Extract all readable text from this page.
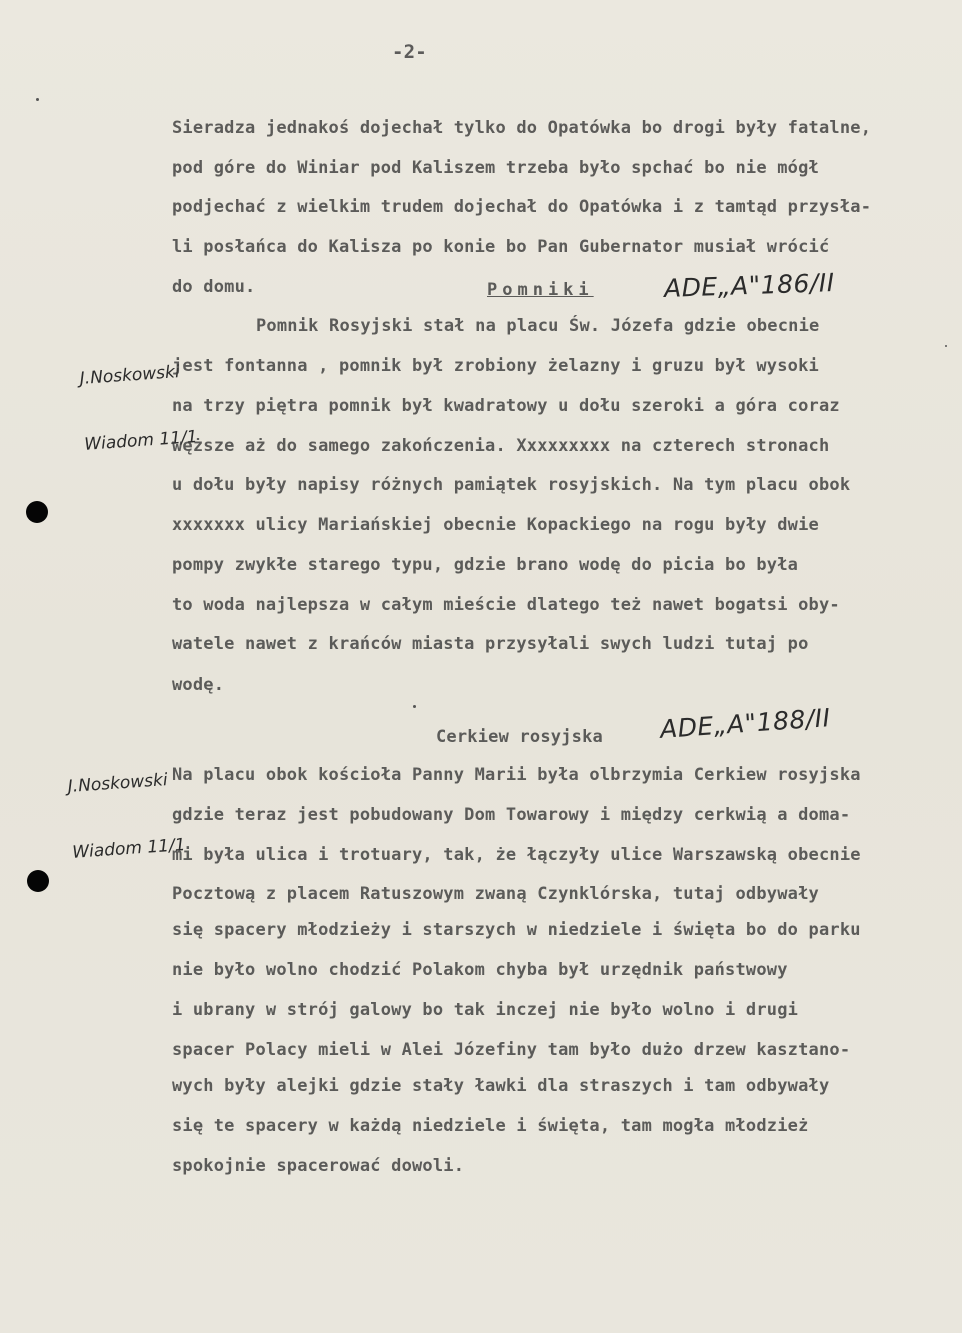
-2-
Sieradza jednakoś dojechał tylko do Opatówka bo drogi były fatalne,
pod góre do Winiar pod Kaliszem trzeba było spchać bo nie mógł
podjechać z wielkim trudem dojechał do Opatówka i z tamtąd przysła-
li posłańca do Kalisza po konie bo Pan Gubernator musiał wrócić
do domu.	Pomniki	ADE„A"186/II

J.Noskowski

Wiadom 11/1

Pomnik Rosyjski stał na placu Św. Józefa gdzie obecnie
jest fontanna , pomnik był zrobiony żelazny i gruzu był wysoki
na trzy piętra pomnik był kwadratowy u dołu szeroki a góra coraz
węższe aż do samego zakończenia. Xxxxxxxxx na czterech stronach
u dołu były napisy różnych pamiątek rosyjskich. Na tym placu obok
xxxxxxx ulicy Mariańskiej obecnie Kopackiego na rogu były dwie
pompy zwykłe starego typu, gdzie brano wodę do picia bo była
to woda najlepsza w całym mieście dlatego też nawet bogatsi oby-
watele nawet z krańców miasta przysyłali swych ludzi tutaj po
wodę.
Cerkiew rosyjska ADE„A"188/II

J.Noskowski

Wiadom 11/1

Na placu obok kościoła Panny Marii była olbrzymia Cerkiew rosyjska
gdzie teraz jest pobudowany Dom Towarowy i między cerkwią a doma-
mi była ulica i trotuary, tak, że łączyły ulice Warszawską obecnie
Pocztową z placem Ratuszowym zwaną Czynklórska, tutaj odbywały
się spacery młodzieży i starszych w niedziele i święta bo do parku
nie było wolno chodzić Polakom chyba był urzędnik państwowy
i ubrany w strój galowy bo tak inczej nie było wolno i drugi
spacer Polacy mieli w Alei Józefiny tam było dużo drzew kasztano-
wych były alejki gdzie stały ławki dla straszych i tam odbywały
się te spacery w każdą niedziele i święta, tam mogła młodzież
spokojnie spacerować dowoli.
